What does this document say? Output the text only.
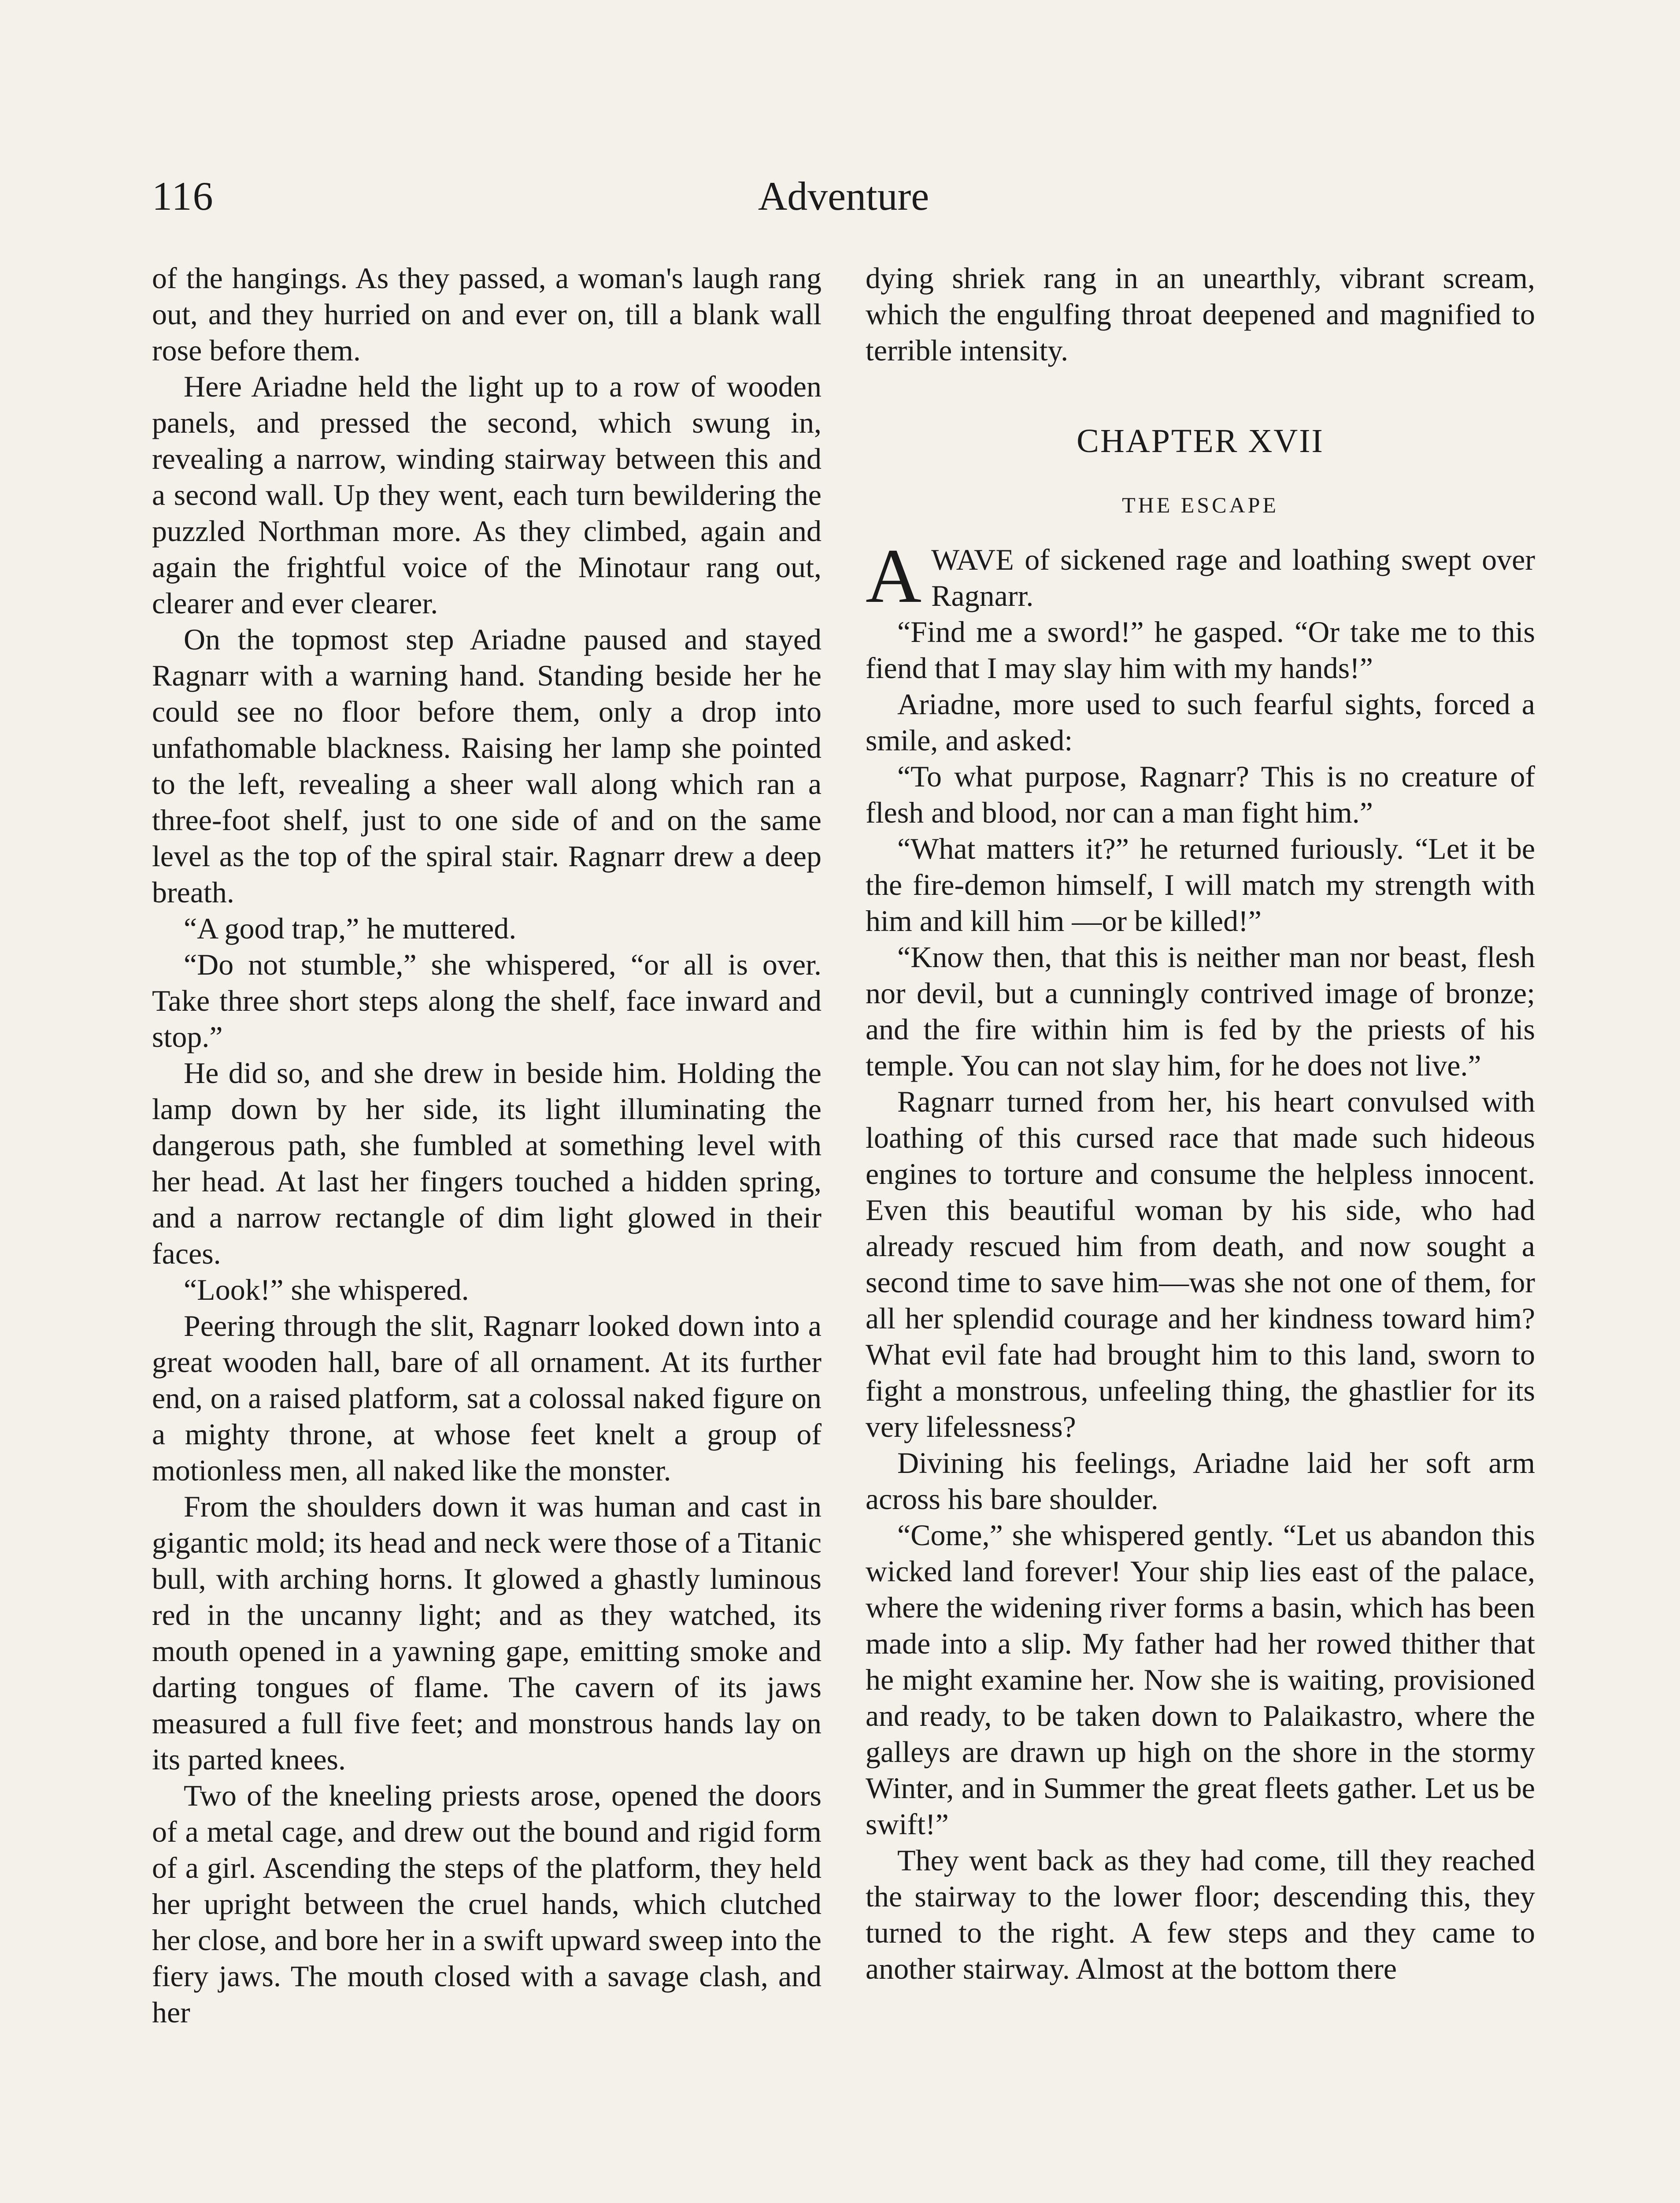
116	Adventure

of the hangings. As they passed, a woman's laugh rang out, and they hurried on and ever on, till a blank wall rose before them.

Here Ariadne held the light up to a row of wooden panels, and pressed the second, which swung in, revealing a narrow, winding stairway between this and a second wall. Up they went, each turn bewildering the puzzled Northman more. As they climbed, again and again the frightful voice of the Minotaur rang out, clearer and ever clearer.

On the topmost step Ariadne paused and stayed Ragnarr with a warning hand. Standing beside her he could see no floor before them, only a drop into unfathomable blackness. Raising her lamp she pointed to the left, revealing a sheer wall along which ran a three-foot shelf, just to one side of and on the same level as the top of the spiral stair. Ragnarr drew a deep breath.

“A good trap,” he muttered.

“Do not stumble,” she whispered, “or all is over. Take three short steps along the shelf, face inward and stop.”

He did so, and she drew in beside him. Holding the lamp down by her side, its light illuminating the dangerous path, she fumbled at something level with her head. At last her fingers touched a hidden spring, and a narrow rectangle of dim light glowed in their faces.

“Look!” she whispered.

Peering through the slit, Ragnarr looked down into a great wooden hall, bare of all ornament. At its further end, on a raised platform, sat a colossal naked figure on a mighty throne, at whose feet knelt a group of motionless men, all naked like the monster.

From the shoulders down it was human and cast in gigantic mold; its head and neck were those of a Titanic bull, with arching horns. It glowed a ghastly luminous red in the uncanny light; and as they watched, its mouth opened in a yawning gape, emitting smoke and darting tongues of flame. The cavern of its jaws measured a full five feet; and monstrous hands lay on its parted knees.

Two of the kneeling priests arose, opened the doors of a metal cage, and drew out the bound and rigid form of a girl. Ascending the steps of the platform, they held her upright between the cruel hands, which clutched her close, and bore her in a swift upward sweep into the fiery jaws. The mouth closed with a savage clash, and her

dying shriek rang in an unearthly, vibrant scream, which the engulfing throat deepened and magnified to terrible intensity.

CHAPTER XVII
THE ESCAPE

AWAVE of sickened rage and loathing swept over Ragnarr.

“Find me a sword!” he gasped. “Or take me to this fiend that I may slay him with my hands!”

Ariadne, more used to such fearful sights, forced a smile, and asked:

“To what purpose, Ragnarr? This is no creature of flesh and blood, nor can a man fight him.”

“What matters it?” he returned furiously. “Let it be the fire-demon himself, I will match my strength with him and kill him —or be killed!”

“Know then, that this is neither man nor beast, flesh nor devil, but a cunningly contrived image of bronze; and the fire within him is fed by the priests of his temple. You can not slay him, for he does not live.”

Ragnarr turned from her, his heart convulsed with loathing of this cursed race that made such hideous engines to torture and consume the helpless innocent. Even this beautiful woman by his side, who had already rescued him from death, and now sought a second time to save him—was she not one of them, for all her splendid courage and her kindness toward him? What evil fate had brought him to this land, sworn to fight a monstrous, unfeeling thing, the ghastlier for its very lifelessness?

Divining his feelings, Ariadne laid her soft arm across his bare shoulder.

“Come,” she whispered gently. “Let us abandon this wicked land forever! Your ship lies east of the palace, where the widening river forms a basin, which has been made into a slip. My father had her rowed thither that he might examine her. Now she is waiting, provisioned and ready, to be taken down to Palaikastro, where the galleys are drawn up high on the shore in the stormy Winter, and in Summer the great fleets gather. Let us be swift!”

They went back as they had come, till they reached the stairway to the lower floor; descending this, they turned to the right. A few steps and they came to another stairway. Almost at the bottom there
